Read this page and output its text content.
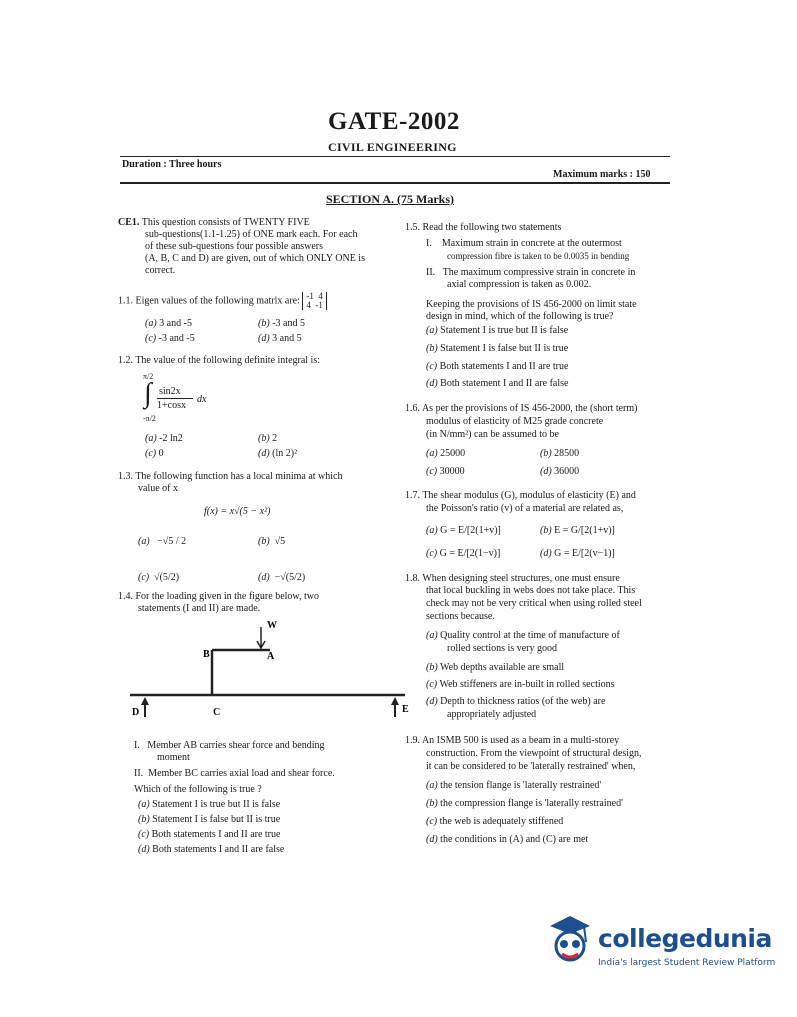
GATE-2002
CIVIL ENGINEERING
Duration : Three hours
Maximum marks : 150
SECTION A. (75 Marks)
CE1. This question consists of TWENTY FIVE
sub-questions(1.1-1.25) of ONE mark each. For each
of these sub-questions four possible answers
(A, B, C and D) are given, out of which ONLY ONE is
correct.
1.1. Eigen values of the following matrix are: -1  4
4  -1
(a) 3 and -5	(b) -3 and 5
(c) -3 and -5	(d) 3 and 5
1.2. The value of the following definite integral is:
π/2
∫
-π/2
sin2x
1+cosx
dx
(a) -2 ln2	(b) 2
(c) 0	(d) (ln 2)²
1.3. The following function has a local minima at which
value of x
f(x) = x√(5 − x²)
(a) −√5 / 2	(b) √5
(c) √(5/2)	(d) −√(5/2)
1.4. For the loading given in the figure below, two
statements (I and II) are made.
W
B	A
C
D	E
I. Member AB carries shear force and bending
moment
II. Member BC carries axial load and shear force.
Which of the following is true ?
(a) Statement I is true but II is false
(b) Statement I is false but II is true
(c) Both statements I and II are true
(d) Both statements I and II are false
1.5. Read the following two statements
I. Maximum strain in concrete at the outermost
compression fibre is taken to be 0.0035 in bending
II. The maximum compressive strain in concrete in
axial compression is taken as 0.002.
Keeping the provisions of IS 456-2000 on limit state
design in mind, which of the following is true?
(a) Statement I is true but II is false
(b) Statement I is false but II is true
(c) Both statements I and II are true
(d) Both statement I and II are false
1.6. As per the provisions of IS 456-2000, the (short term)
modulus of elasticity of M25 grade concrete
(in N/mm²) can be assumed to be
(a) 25000	(b) 28500
(c) 30000	(d) 36000
1.7. The shear modulus (G), modulus of elasticity (E) and
the Poisson's ratio (v) of a material are related as,
(a) G = E/[2(1+v)]	(b) E = G/[2(1+v)]
(c) G = E/[2(1−v)]	(d) G = E/[2(v−1)]
1.8. When designing steel structures, one must ensure
that local buckling in webs does not take place. This
check may not be very critical when using rolled steel
sections because.
(a) Quality control at the time of manufacture of
rolled sections is very good
(b) Web depths available are small
(c) Web stiffeners are in-built in rolled sections
(d) Depth to thickness ratios (of the web) are
appropriately adjusted
1.9. An ISMB 500 is used as a beam in a multi-storey
construction. From the viewpoint of structural design,
it can be considered to be 'laterally restrained' when,
(a) the tension flange is 'laterally restrained'
(b) the compression flange is 'laterally restrained'
(c) the web is adequately stiffened
(d) the conditions in (A) and (C) are met
collegedunia
India's largest Student Review Platform
